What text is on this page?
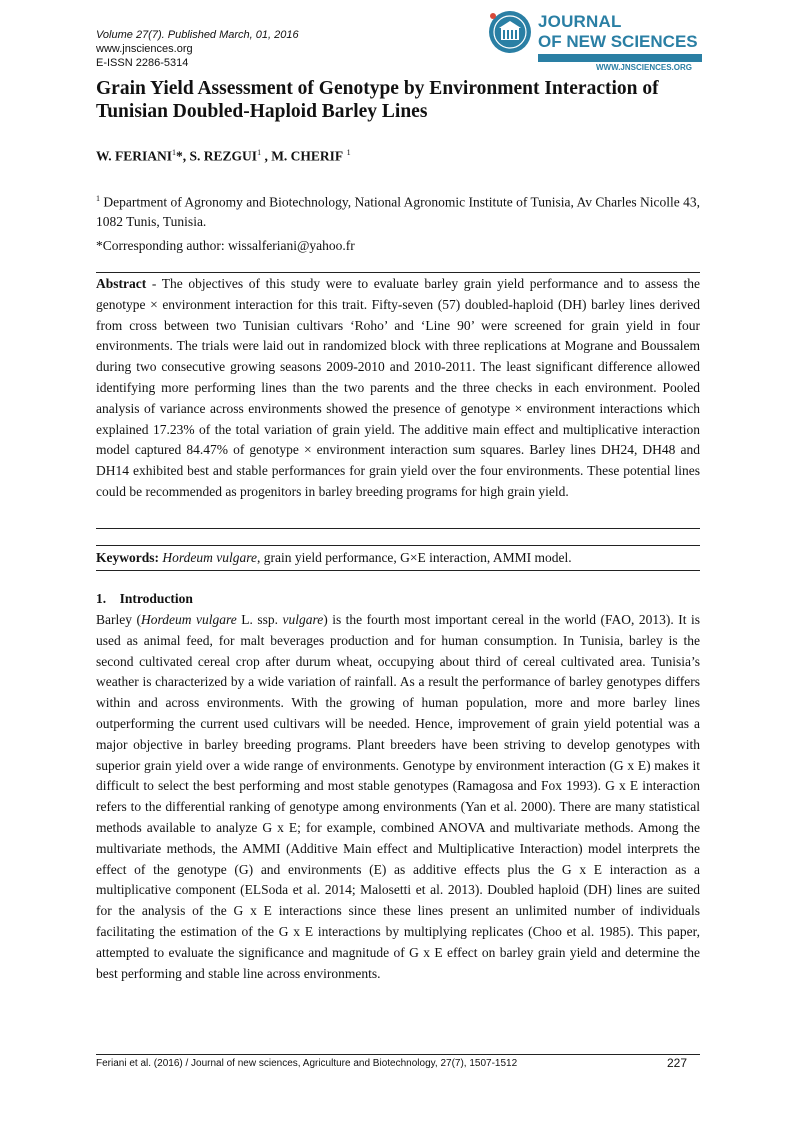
Volume 27(7). Published March, 01, 2016
www.jnsciences.org
E-ISSN 2286-5314
JOURNAL
OF NEW SCIENCES
WWW.JNSCIENCES.ORG
Grain Yield Assessment of Genotype by Environment Interaction of Tunisian Doubled-Haploid Barley Lines
W. FERIANI$^1$*, S. REZGUI$^1$ , M. CHERIF $^1$
$^1$ Department of Agronomy and Biotechnology, National Agronomic Institute of Tunisia, Av Charles Nicolle 43, 1082 Tunis, Tunisia.
*Corresponding author: wissalferiani@yahoo.fr
Abstract - The objectives of this study were to evaluate barley grain yield performance and to assess the genotype × environment interaction for this trait. Fifty-seven (57) doubled-haploid (DH) barley lines derived from cross between two Tunisian cultivars ‘Roho’ and ‘Line 90’ were screened for grain yield in four environments. The trials were laid out in randomized block with three replications at Mograne and Boussalem during two consecutive growing seasons 2009-2010 and 2010-2011. The least significant difference allowed identifying more performing lines than the two parents and the three checks in each environment. Pooled analysis of variance across environments showed the presence of genotype × environment interactions which explained 17.23% of the total variation of grain yield. The additive main effect and multiplicative interaction model captured 84.47% of genotype × environment interaction sum squares. Barley lines DH24, DH48 and DH14 exhibited best and stable performances for grain yield over the four environments. These potential lines could be recommended as progenitors in barley breeding programs for high grain yield.
Keywords: Hordeum vulgare, grain yield performance, G×E interaction, AMMI model.
1.    Introduction
Barley (Hordeum vulgare L. ssp. vulgare) is the fourth most important cereal in the world (FAO, 2013). It is used as animal feed, for malt beverages production and for human consumption. In Tunisia, barley is the second cultivated cereal crop after durum wheat, occupying about third of cereal cultivated area. Tunisia’s weather is characterized by a wide variation of rainfall. As a result the performance of barley genotypes differs within and across environments. With the growing of human population, more and more barley lines outperforming the current used cultivars will be needed. Hence, improvement of grain yield potential was a major objective in barley breeding programs. Plant breeders have been striving to develop genotypes with superior grain yield over a wide range of environments. Genotype by environment interaction (G x E) makes it difficult to select the best performing and most stable genotypes (Ramagosa and Fox 1993). G x E interaction refers to the differential ranking of genotype among environments (Yan et al. 2000). There are many statistical methods available to analyze G x E; for example, combined ANOVA and multivariate methods. Among the multivariate methods, the AMMI (Additive Main effect and Multiplicative Interaction) model interprets the effect of the genotype (G) and environments (E) as additive effects plus the G x E interaction as a multiplicative component (ELSoda et al. 2014; Malosetti et al. 2013). Doubled haploid (DH) lines are suited for the analysis of the G x E interactions since these lines present an unlimited number of individuals facilitating the estimation of the G x E interactions by multiplying replicates (Choo et al. 1985). This paper, attempted to evaluate the significance and magnitude of G x E effect on barley grain yield and determine the best performing and stable line across environments.
Feriani et al. (2016) / Journal of new sciences, Agriculture and Biotechnology, 27(7), 1507-1512	227
